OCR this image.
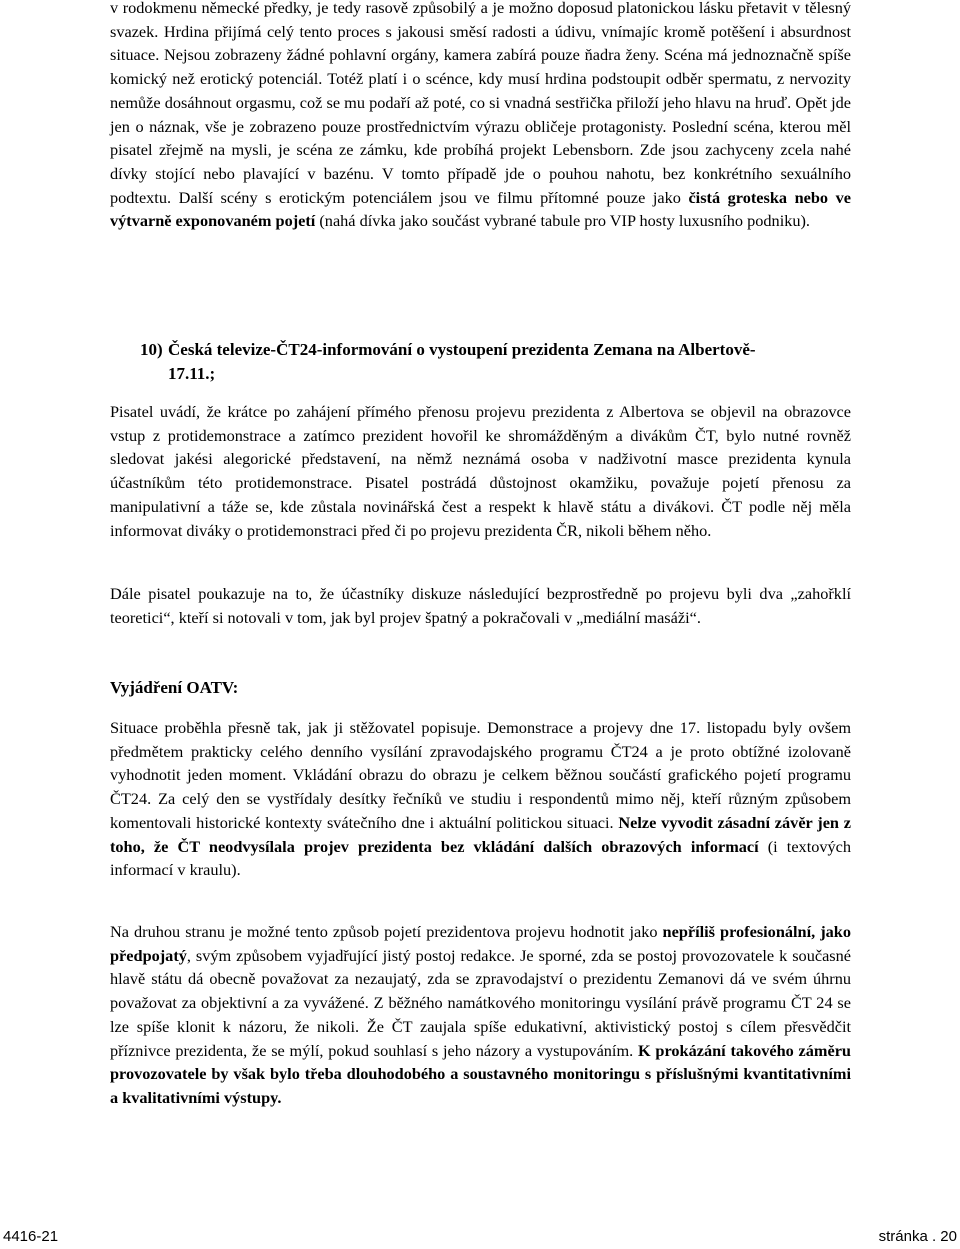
v rodokmenu německé předky, je tedy rasově způsobilý a je možno doposud platonickou lásku přetavit v tělesný svazek. Hrdina přijímá celý tento proces s jakousi směsí radosti a údivu, vnímajíc kromě potěšení i absurdnost situace. Nejsou zobrazeny žádné pohlavní orgány, kamera zabírá pouze ňadra ženy. Scéna má jednoznačně spíše komický než erotický potenciál. Totéž platí i o scénce, kdy musí hrdina podstoupit odběr spermatu, z nervozity nemůže dosáhnout orgasmu, což se mu podaří až poté, co si vnadná sestřička přiloží jeho hlavu na hruď. Opět jde jen o náznak, vše je zobrazeno pouze prostřednictvím výrazu obličeje protagonisty. Poslední scéna, kterou měl pisatel zřejmě na mysli, je scéna ze zámku, kde probíhá projekt Lebensborn. Zde jsou zachyceny zcela nahé dívky stojící nebo plavající v bazénu. V tomto případě jde o pouhou nahotu, bez konkrétního sexuálního podtextu. Další scény s erotickým potenciálem jsou ve filmu přítomné pouze jako čistá groteska nebo ve výtvarně exponovaném pojetí (nahá dívka jako součást vybrané tabule pro VIP hosty luxusního podniku).

10) Česká televize-ČT24-informování o vystoupení prezidenta Zemana na Albertově-
17.11.;

Pisatel uvádí, že krátce po zahájení přímého přenosu projevu prezidenta z Albertova se objevil na obrazovce vstup z protidemonstrace a zatímco prezident hovořil ke shromážděným a divákům ČT, bylo nutné rovněž sledovat jakési alegorické představení, na němž neznámá osoba v nadživotní masce prezidenta kynula účastníkům této protidemonstrace. Pisatel postrádá důstojnost okamžiku, považuje pojetí přenosu za manipulativní a táže se, kde zůstala novinářská čest a respekt k hlavě státu a divákovi. ČT podle něj měla informovat diváky o protidemonstraci před či po projevu prezidenta ČR, nikoli během něho.

Dále pisatel poukazuje na to, že účastníky diskuze následující bezprostředně po projevu byli dva „zahořklí teoretici“, kteří si notovali v tom, jak byl projev špatný a pokračovali v „mediální masáži“.

Vyjádření OATV:

Situace proběhla přesně tak, jak ji stěžovatel popisuje. Demonstrace a projevy dne 17. listopadu byly ovšem předmětem prakticky celého denního vysílání zpravodajského programu ČT24 a je proto obtížné izolovaně vyhodnotit jeden moment. Vkládání obrazu do obrazu je celkem běžnou součástí grafického pojetí programu ČT24. Za celý den se vystřídaly desítky řečníků ve studiu i respondentů mimo něj, kteří různým způsobem komentovali historické kontexty svátečního dne i aktuální politickou situaci. Nelze vyvodit zásadní závěr jen z toho, že ČT neodvysílala projev prezidenta bez vkládání dalších obrazových informací (i textových informací v kraulu).

Na druhou stranu je možné tento způsob pojetí prezidentova projevu hodnotit jako nepříliš profesionální, jako předpojatý, svým způsobem vyjadřující jistý postoj redakce. Je sporné, zda se postoj provozovatele k současné hlavě státu dá obecně považovat za nezaujatý, zda se zpravodajství o prezidentu Zemanovi dá ve svém úhrnu považovat za objektivní a za vyvážené. Z běžného namátkového monitoringu vysílání právě programu ČT 24 se lze spíše klonit k názoru, že nikoli. Že ČT zaujala spíše edukativní, aktivistický postoj s cílem přesvědčit příznivce prezidenta, že se mýlí, pokud souhlasí s jeho názory a vystupováním. K prokázání takového záměru provozovatele by však bylo třeba dlouhodobého a soustavného monitoringu s příslušnými kvantitativními a kvalitativními výstupy.

4416-21	stránka . 20
